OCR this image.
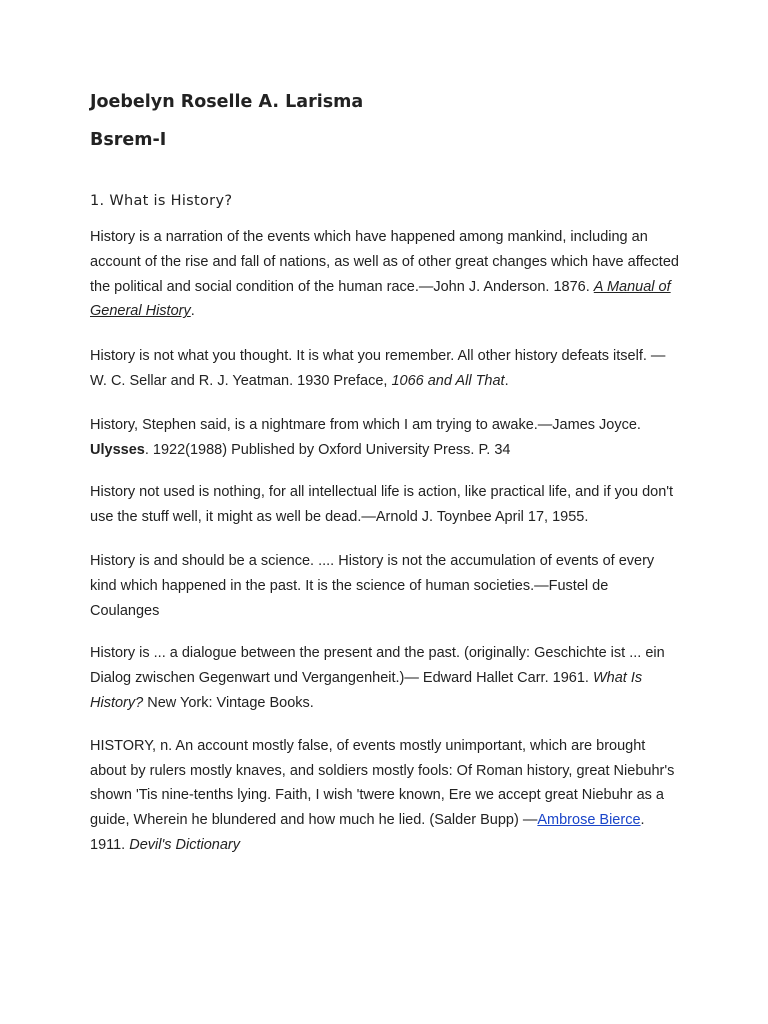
Joebelyn Roselle A. Larisma
Bsrem-I
1. What is History?

History is a narration of the events which have happened among mankind, including an account of the rise and fall of nations, as well as of other great changes which have affected the political and social condition of the human race.—John J. Anderson. 1876. A Manual of General History.

History is not what you thought. It is what you remember. All other history defeats itself. —W. C. Sellar and R. J. Yeatman. 1930 Preface, 1066 and All That.

History, Stephen said, is a nightmare from which I am trying to awake.—James Joyce. Ulysses. 1922(1988) Published by Oxford University Press. P. 34

History not used is nothing, for all intellectual life is action, like practical life, and if you don't use the stuff well, it might as well be dead.—Arnold J. Toynbee April 17, 1955.

History is and should be a science. .... History is not the accumulation of events of every kind which happened in the past. It is the science of human societies.—Fustel de Coulanges

History is ... a dialogue between the present and the past. (originally: Geschichte ist ... ein Dialog zwischen Gegenwart und Vergangenheit.)— Edward Hallet Carr. 1961. What Is History? New York: Vintage Books.

HISTORY, n. An account mostly false, of events mostly unimportant, which are brought about by rulers mostly knaves, and soldiers mostly fools: Of Roman history, great Niebuhr's shown 'Tis nine-tenths lying. Faith, I wish 'twere known, Ere we accept great Niebuhr as a guide, Wherein he blundered and how much he lied. (Salder Bupp) —Ambrose Bierce. 1911. Devil's Dictionary
